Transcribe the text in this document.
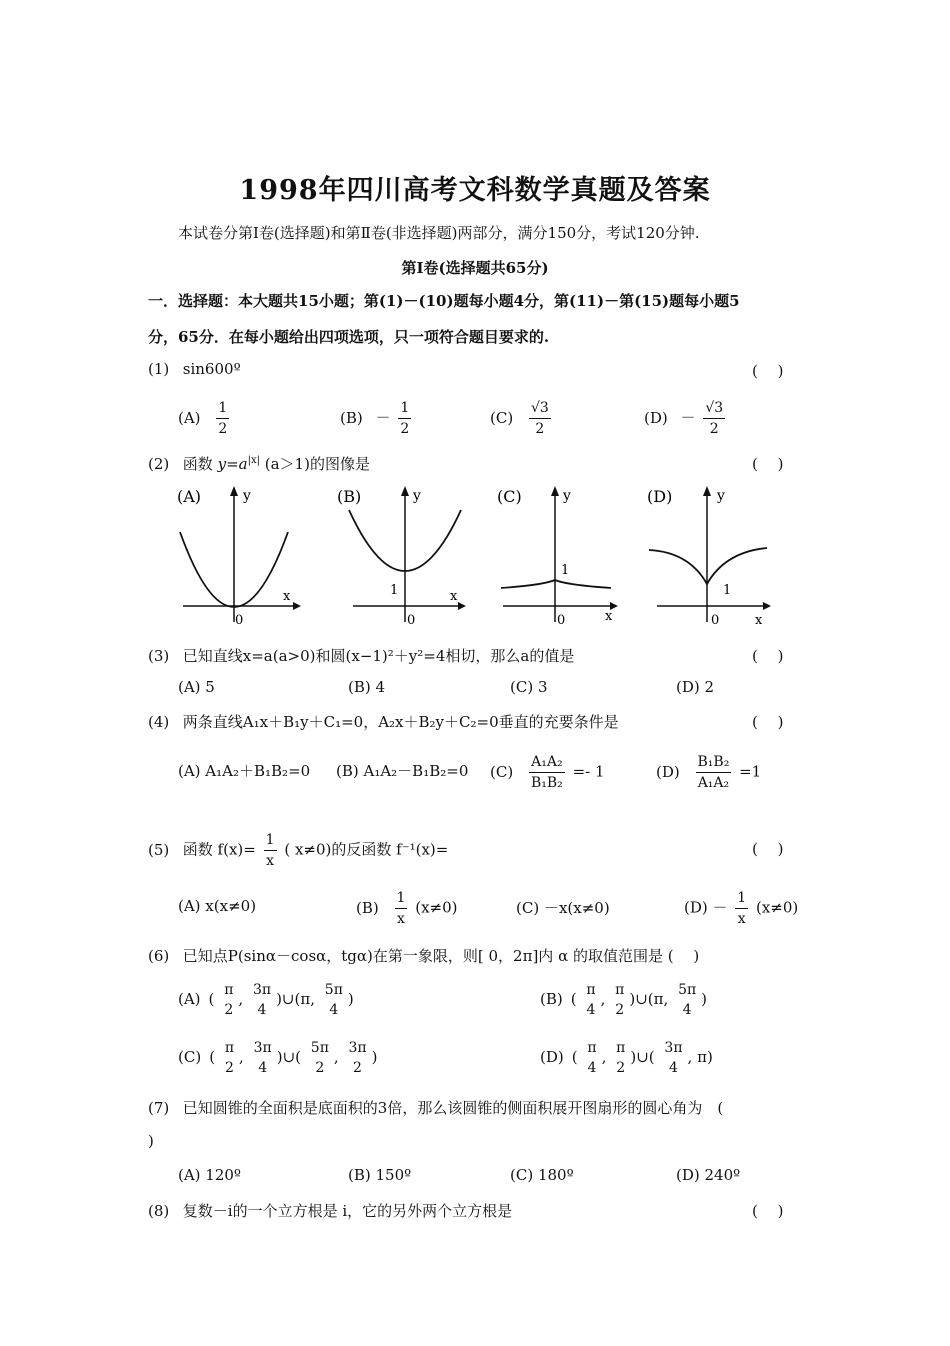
1998年四川高考文科数学真题及答案
本试卷分第Ⅰ卷(选择题)和第Ⅱ卷(非选择题)两部分，满分150分，考试120分钟.
第Ⅰ卷(选择题共65分)
一．选择题：本大题共15小题；第(1)－(10)题每小题4分，第(11)－第(15)题每小题5
分，65分．在每小题给出四项选项，只一项符合题目要求的.
(1) sin600º	(　 )
$(A) \frac{1}{2}$	$(B) - \frac{1}{2}$	$(C) \frac{√3}{2}$	$(D) - \frac{√3}{2}$
(2) 函数 $y=a^{|x|}$ (a＞1)的图像是	(　 )
(A)	y
x
0
(B)	y
x
0
1
(C)	y
x
0
1
(D)	y
x
0
1
(3) 已知直线x=a(a>0)和圆(x−1)²＋y²=4相切，那么a的值是	(　 )
(A) 5	(B) 4	(C) 3	(D) 2
(4) 两条直线A₁x＋B₁y＋C₁=0，A₂x＋B₂y＋C₂=0垂直的充要条件是	(　 )
(A) A₁A₂＋B₁B₂=0 (B) A₁A₂－B₁B₂=0 $(C) \frac{\text{A₁A₂}}{\text{B₁B₂}} =- 1$	$(D) \frac{\text{B₁B₂}}{\text{A₁A₂}} =1$
(5) 函数 $f(x)= \frac{1}{x}$ ( x≠0)的反函数 f⁻¹(x)=	(　 )
(A) x(x≠0)	$(B) \frac{1}{x} (x\ne 0)$	(C) －x(x≠0)	$(D) - \frac{1}{x} (x\ne 0)$
(6) 已知点P(sinα－cosα，tgα)在第一象限，则[ 0，2π]内 α 的取值范围是 (　 )
(A) ( π
2
, 3π
4
)∪(π, 5π
4
)	(B) ( π
4
, π
2
)∪(π, 5π
4
)
(C) ( π
2
, 3π
4
)∪( 5π
2
, 3π
2
)	(D) ( π
4
, π
2
)∪( 3π
4
, π)
(7) 已知圆锥的全面积是底面积的3倍，那么该圆锥的侧面积展开图扇形的圆心角为　(
)
(A) 120º	(B) 150º	(C) 180º	(D) 240º
(8) 复数－i的一个立方根是 i，它的另外两个立方根是	(　 )
